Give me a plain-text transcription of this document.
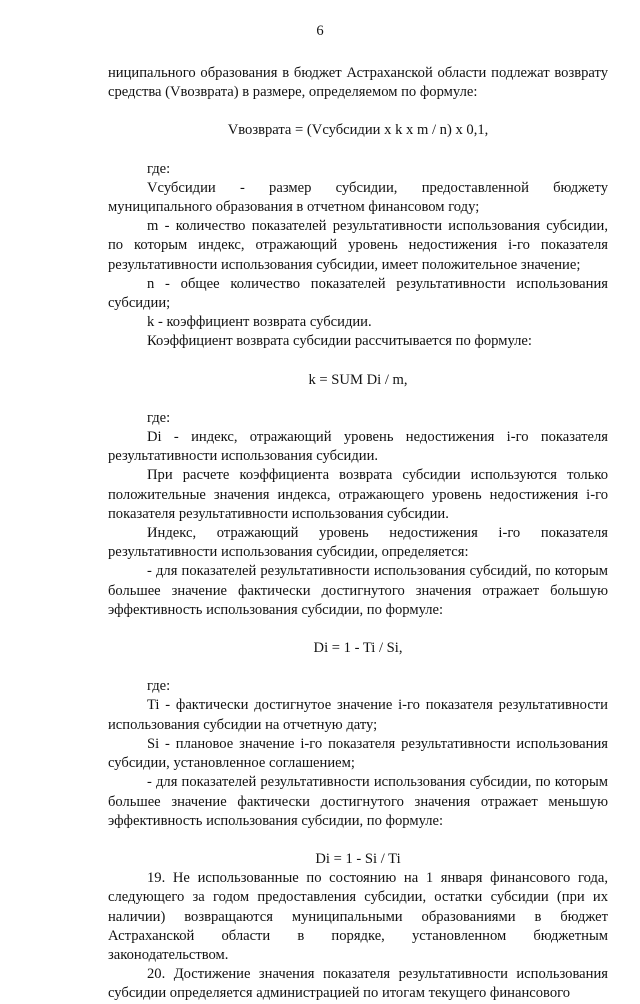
6

ниципального образования в бюджет Астраханской области подлежат возврату средства (Vвозврата) в размере, определяемом по формуле:

Vвозврата = (Vсубсидии x k x m / n) x 0,1,

где:

Vсубсидии - размер субсидии, предоставленной бюджету муниципального образования в отчетном финансовом году;

m - количество показателей результативности использования субсидии, по которым индекс, отражающий уровень недостижения i-го показателя результативности использования субсидии, имеет положительное значение;

n - общее количество показателей результативности использования субсидии;

k - коэффициент возврата субсидии.

Коэффициент возврата субсидии рассчитывается по формуле:

k = SUM Di / m,

где:

Di - индекс, отражающий уровень недостижения i-го показателя результативности использования субсидии.

При расчете коэффициента возврата субсидии используются только положительные значения индекса, отражающего уровень недостижения i-го показателя результативности использования субсидии.

Индекс, отражающий уровень недостижения i-го показателя результативности использования субсидии, определяется:

- для показателей результативности использования субсидий, по которым большее значение фактически достигнутого значения отражает большую эффективность использования субсидии, по формуле:

Di = 1 - Ti / Si,

где:

Ti - фактически достигнутое значение i-го показателя результативности использования субсидии на отчетную дату;

Si - плановое значение i-го показателя результативности использования субсидии, установленное соглашением;

- для показателей результативности использования субсидии, по которым большее значение фактически достигнутого значения отражает меньшую эффективность использования субсидии, по формуле:

Di = 1 - Si / Ti

19. Не использованные по состоянию на 1 января финансового года, следующего за годом предоставления субсидии, остатки субсидии (при их наличии) возвращаются муниципальными образованиями в бюджет Астраханской области в порядке, установленном бюджетным законодательством.

20. Достижение значения показателя результативности использования субсидии определяется администрацией по итогам текущего финансового
